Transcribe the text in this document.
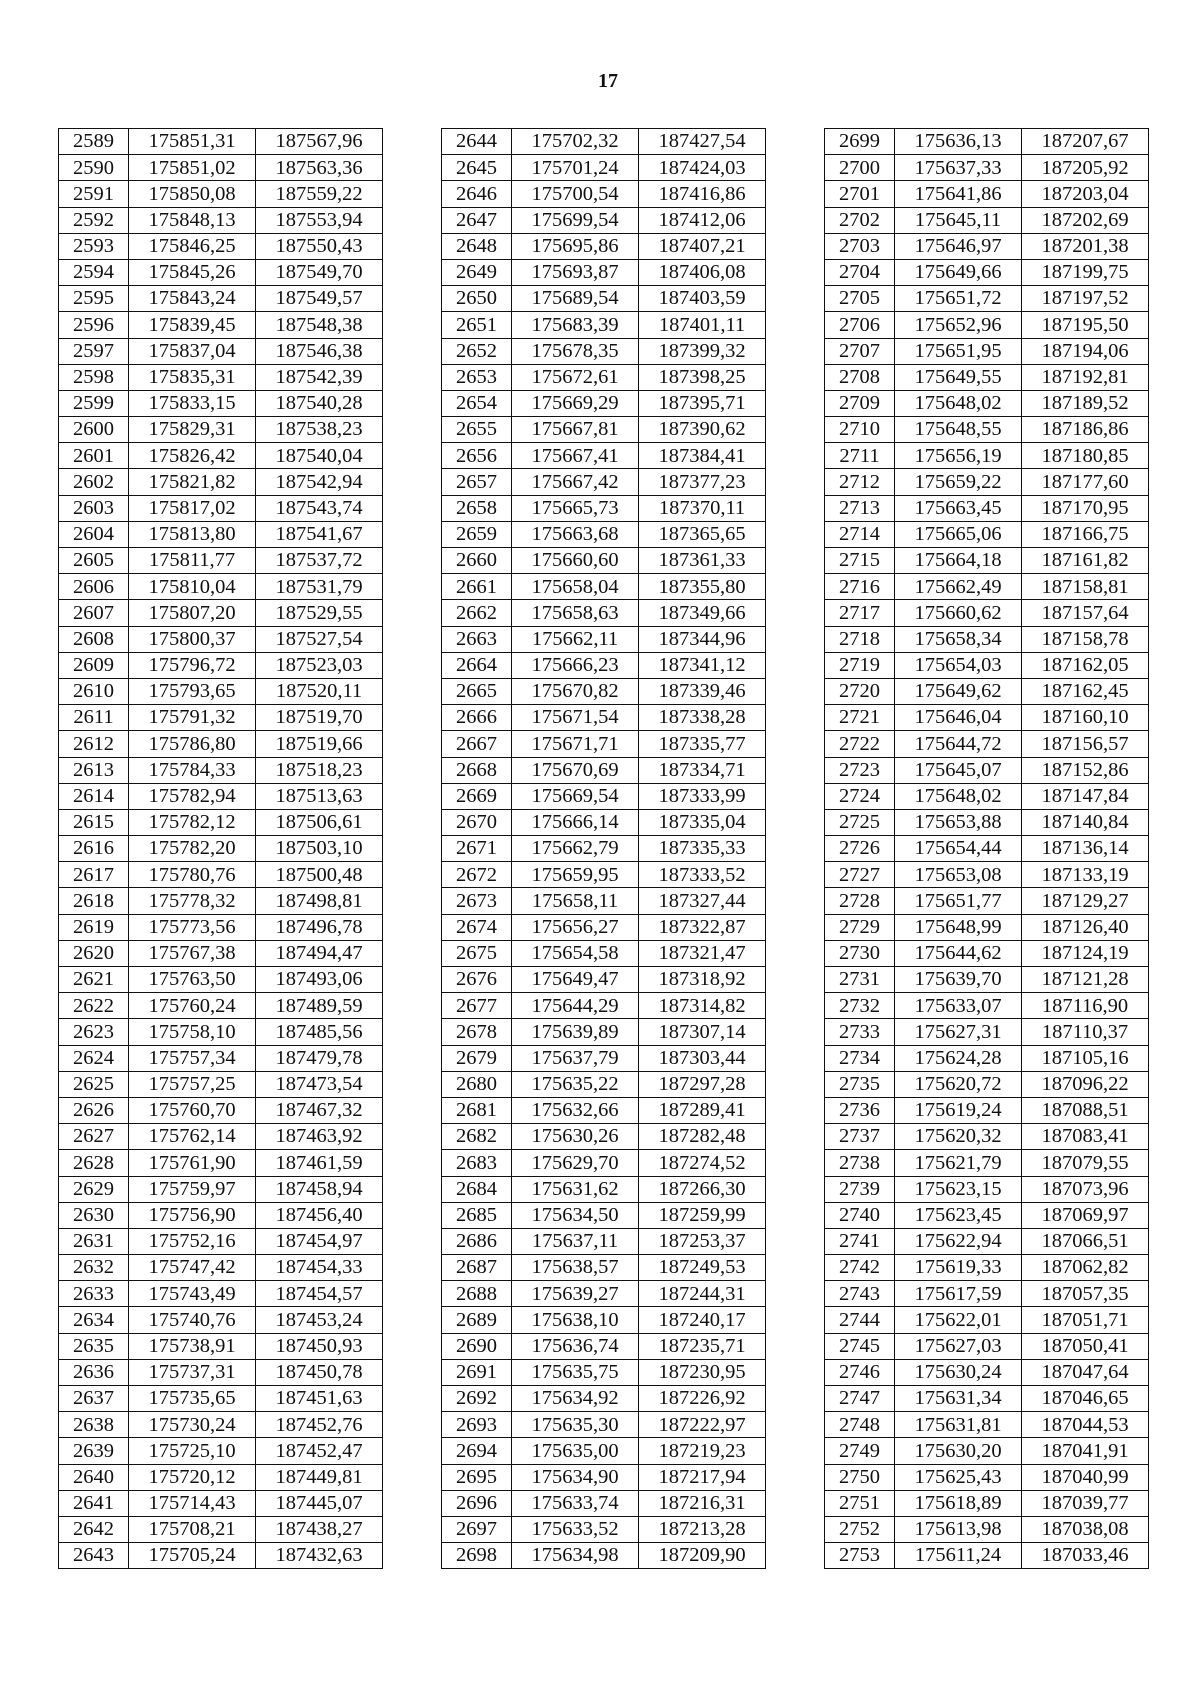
17
2589	175851,31	187567,96
2590	175851,02	187563,36
2591	175850,08	187559,22
2592	175848,13	187553,94
2593	175846,25	187550,43
2594	175845,26	187549,70
2595	175843,24	187549,57
2596	175839,45	187548,38
2597	175837,04	187546,38
2598	175835,31	187542,39
2599	175833,15	187540,28
2600	175829,31	187538,23
2601	175826,42	187540,04
2602	175821,82	187542,94
2603	175817,02	187543,74
2604	175813,80	187541,67
2605	175811,77	187537,72
2606	175810,04	187531,79
2607	175807,20	187529,55
2608	175800,37	187527,54
2609	175796,72	187523,03
2610	175793,65	187520,11
2611	175791,32	187519,70
2612	175786,80	187519,66
2613	175784,33	187518,23
2614	175782,94	187513,63
2615	175782,12	187506,61
2616	175782,20	187503,10
2617	175780,76	187500,48
2618	175778,32	187498,81
2619	175773,56	187496,78
2620	175767,38	187494,47
2621	175763,50	187493,06
2622	175760,24	187489,59
2623	175758,10	187485,56
2624	175757,34	187479,78
2625	175757,25	187473,54
2626	175760,70	187467,32
2627	175762,14	187463,92
2628	175761,90	187461,59
2629	175759,97	187458,94
2630	175756,90	187456,40
2631	175752,16	187454,97
2632	175747,42	187454,33
2633	175743,49	187454,57
2634	175740,76	187453,24
2635	175738,91	187450,93
2636	175737,31	187450,78
2637	175735,65	187451,63
2638	175730,24	187452,76
2639	175725,10	187452,47
2640	175720,12	187449,81
2641	175714,43	187445,07
2642	175708,21	187438,27
2643	175705,24	187432,63
2644	175702,32	187427,54
2645	175701,24	187424,03
2646	175700,54	187416,86
2647	175699,54	187412,06
2648	175695,86	187407,21
2649	175693,87	187406,08
2650	175689,54	187403,59
2651	175683,39	187401,11
2652	175678,35	187399,32
2653	175672,61	187398,25
2654	175669,29	187395,71
2655	175667,81	187390,62
2656	175667,41	187384,41
2657	175667,42	187377,23
2658	175665,73	187370,11
2659	175663,68	187365,65
2660	175660,60	187361,33
2661	175658,04	187355,80
2662	175658,63	187349,66
2663	175662,11	187344,96
2664	175666,23	187341,12
2665	175670,82	187339,46
2666	175671,54	187338,28
2667	175671,71	187335,77
2668	175670,69	187334,71
2669	175669,54	187333,99
2670	175666,14	187335,04
2671	175662,79	187335,33
2672	175659,95	187333,52
2673	175658,11	187327,44
2674	175656,27	187322,87
2675	175654,58	187321,47
2676	175649,47	187318,92
2677	175644,29	187314,82
2678	175639,89	187307,14
2679	175637,79	187303,44
2680	175635,22	187297,28
2681	175632,66	187289,41
2682	175630,26	187282,48
2683	175629,70	187274,52
2684	175631,62	187266,30
2685	175634,50	187259,99
2686	175637,11	187253,37
2687	175638,57	187249,53
2688	175639,27	187244,31
2689	175638,10	187240,17
2690	175636,74	187235,71
2691	175635,75	187230,95
2692	175634,92	187226,92
2693	175635,30	187222,97
2694	175635,00	187219,23
2695	175634,90	187217,94
2696	175633,74	187216,31
2697	175633,52	187213,28
2698	175634,98	187209,90
2699	175636,13	187207,67
2700	175637,33	187205,92
2701	175641,86	187203,04
2702	175645,11	187202,69
2703	175646,97	187201,38
2704	175649,66	187199,75
2705	175651,72	187197,52
2706	175652,96	187195,50
2707	175651,95	187194,06
2708	175649,55	187192,81
2709	175648,02	187189,52
2710	175648,55	187186,86
2711	175656,19	187180,85
2712	175659,22	187177,60
2713	175663,45	187170,95
2714	175665,06	187166,75
2715	175664,18	187161,82
2716	175662,49	187158,81
2717	175660,62	187157,64
2718	175658,34	187158,78
2719	175654,03	187162,05
2720	175649,62	187162,45
2721	175646,04	187160,10
2722	175644,72	187156,57
2723	175645,07	187152,86
2724	175648,02	187147,84
2725	175653,88	187140,84
2726	175654,44	187136,14
2727	175653,08	187133,19
2728	175651,77	187129,27
2729	175648,99	187126,40
2730	175644,62	187124,19
2731	175639,70	187121,28
2732	175633,07	187116,90
2733	175627,31	187110,37
2734	175624,28	187105,16
2735	175620,72	187096,22
2736	175619,24	187088,51
2737	175620,32	187083,41
2738	175621,79	187079,55
2739	175623,15	187073,96
2740	175623,45	187069,97
2741	175622,94	187066,51
2742	175619,33	187062,82
2743	175617,59	187057,35
2744	175622,01	187051,71
2745	175627,03	187050,41
2746	175630,24	187047,64
2747	175631,34	187046,65
2748	175631,81	187044,53
2749	175630,20	187041,91
2750	175625,43	187040,99
2751	175618,89	187039,77
2752	175613,98	187038,08
2753	175611,24	187033,46
